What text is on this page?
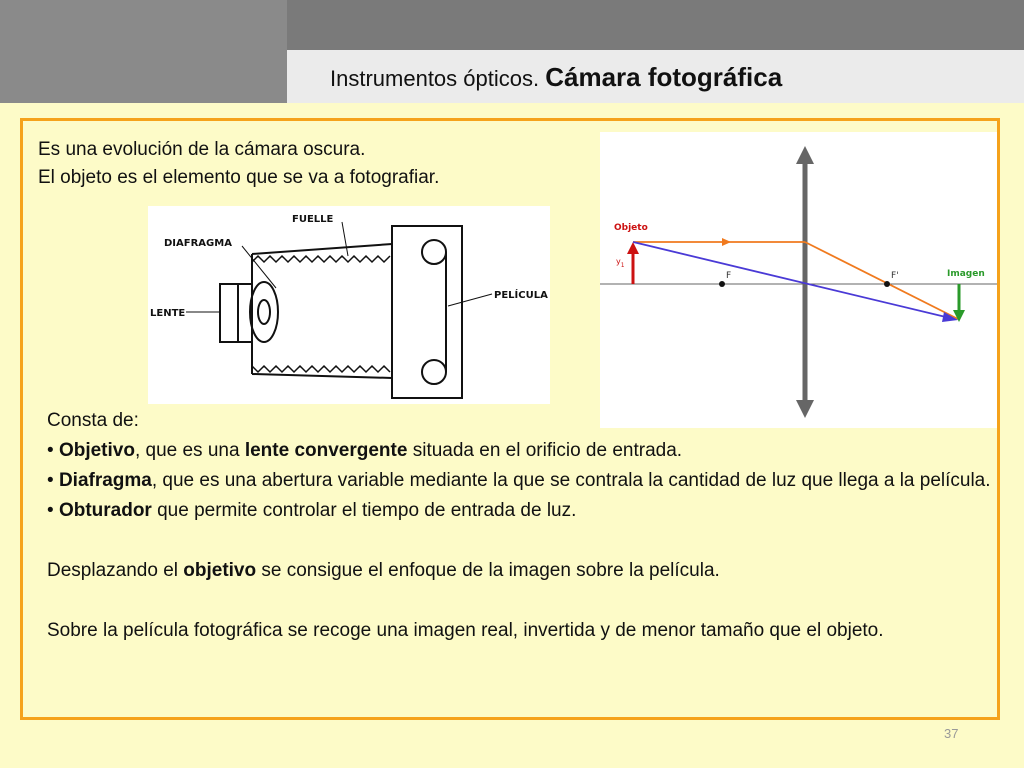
Instrumentos ópticos. Cámara fotográfica
Es una evolución de la cámara oscura.
El objeto es el elemento que se va a fotografiar.
FUELLE
DIAFRAGMA
LENTE
PELÍCULA
Objeto
$y_1$
F	F'	Imagen

Consta de:

• Objetivo, que es una lente convergente situada en el orificio de entrada.

• Diafragma, que es una abertura variable mediante la que se contrala la cantidad de luz que llega a la película.

• Obturador que permite controlar el tiempo de entrada de luz.

Desplazando el objetivo se consigue el enfoque de la imagen sobre la película.

Sobre la película fotográfica se recoge una imagen real, invertida y de menor tamaño que el objeto.

37
